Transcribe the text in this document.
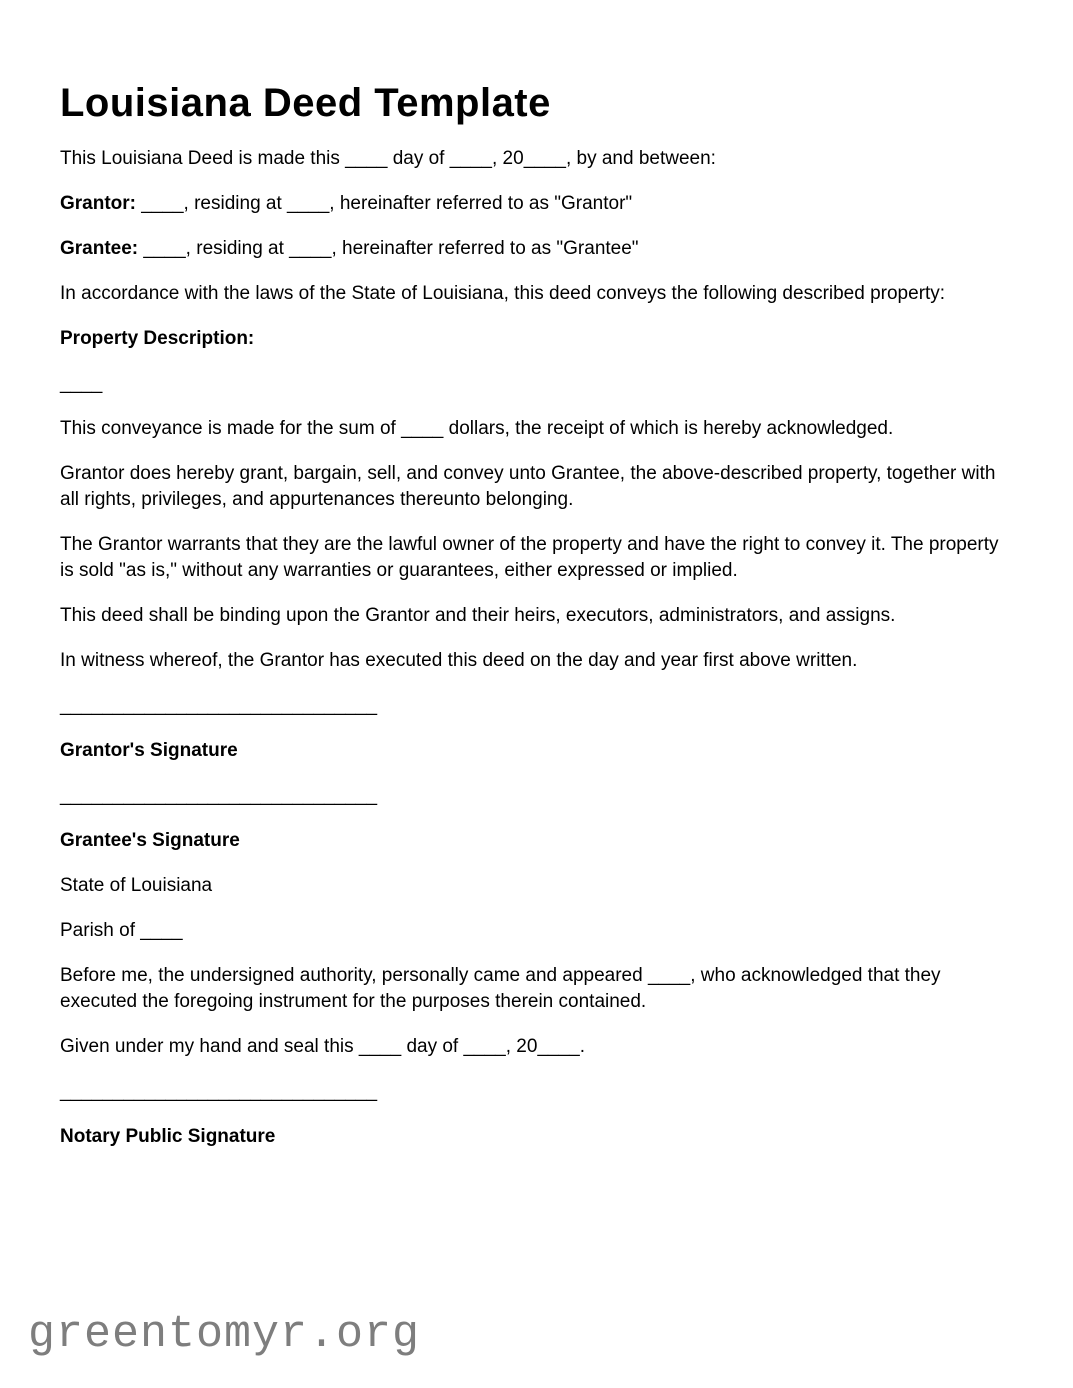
Louisiana Deed Template

This Louisiana Deed is made this ____ day of ____, 20____, by and between:

Grantor: ____, residing at ____, hereinafter referred to as "Grantor"

Grantee: ____, residing at ____, hereinafter referred to as "Grantee"

In accordance with the laws of the State of Louisiana, this deed conveys the following described property:

Property Description:

____

This conveyance is made for the sum of ____ dollars, the receipt of which is hereby acknowledged.

Grantor does hereby grant, bargain, sell, and convey unto Grantee, the above-described property, together with all rights, privileges, and appurtenances thereunto belonging.

The Grantor warrants that they are the lawful owner of the property and have the right to convey it. The property is sold "as is," without any warranties or guarantees, either expressed or implied.

This deed shall be binding upon the Grantor and their heirs, executors, administrators, and assigns.

In witness whereof, the Grantor has executed this deed on the day and year first above written.

______________________________

Grantor's Signature

______________________________

Grantee's Signature

State of Louisiana

Parish of ____

Before me, the undersigned authority, personally came and appeared ____, who acknowledged that they executed the foregoing instrument for the purposes therein contained.

Given under my hand and seal this ____ day of ____, 20____.

______________________________

Notary Public Signature

greentomyr.org
